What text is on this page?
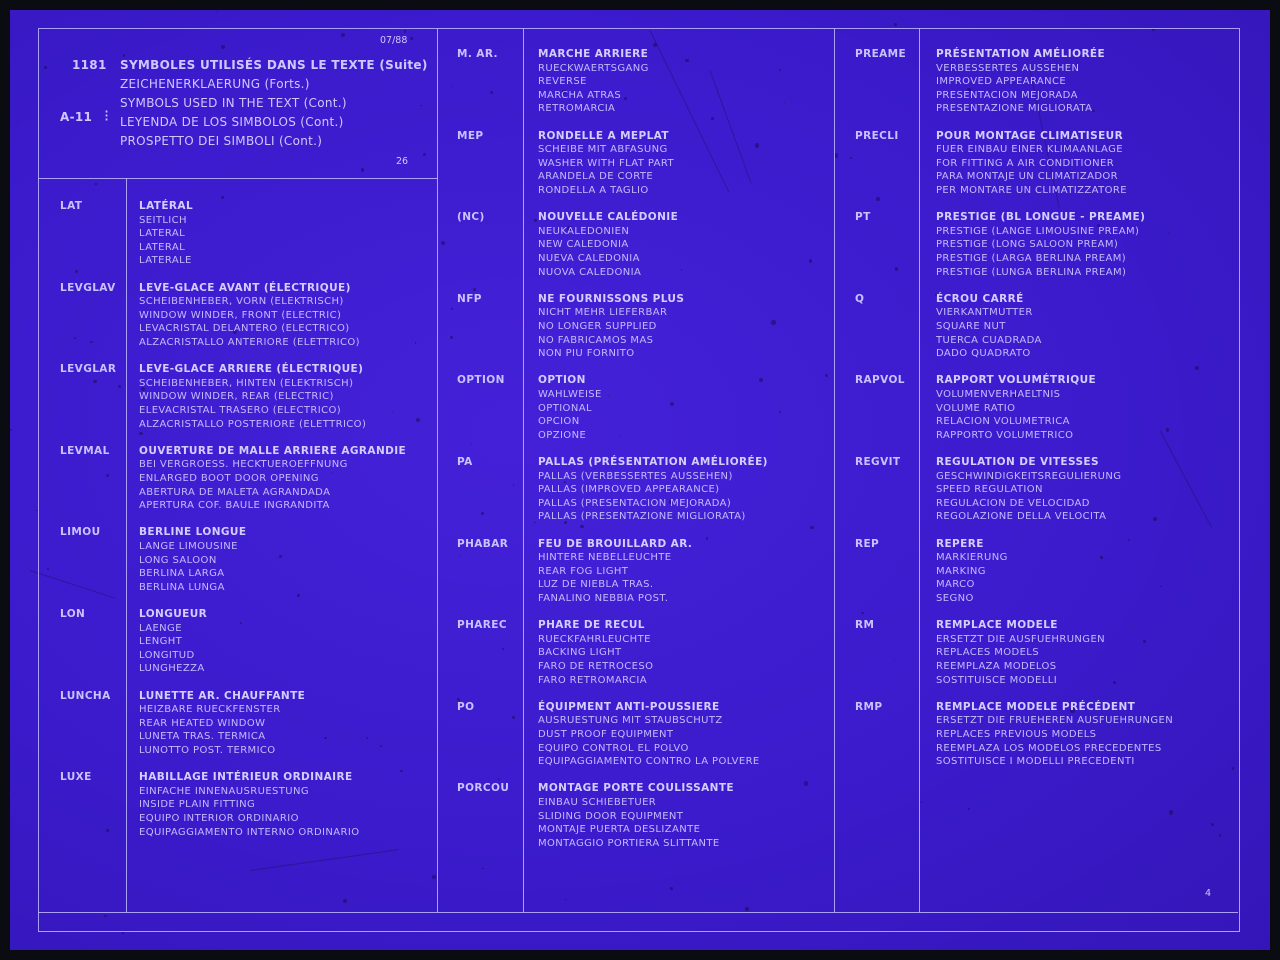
07/88
1181
A-11 ⁝
SYMBOLES UTILISÉS DANS LE TEXTE (Suite)
ZEICHENERKLAERUNG (Forts.)
SYMBOLS USED IN THE TEXT (Cont.)
LEYENDA DE LOS SIMBOLOS (Cont.)
PROSPETTO DEI SIMBOLI (Cont.)
26
LAT	LATÉRAL
SEITLICH
LATERAL
LATERAL
LATERALE
LEVGLAV LEVE-GLACE AVANT (ÉLECTRIQUE)
SCHEIBENHEBER, VORN (ELEKTRISCH)
WINDOW WINDER, FRONT (ELECTRIC)
LEVACRISTAL DELANTERO (ELECTRICO)
ALZACRISTALLO ANTERIORE (ELETTRICO)
LEVGLAR LEVE-GLACE ARRIERE (ÉLECTRIQUE)
SCHEIBENHEBER, HINTEN (ELEKTRISCH)
WINDOW WINDER, REAR (ELECTRIC)
ELEVACRISTAL TRASERO (ELECTRICO)
ALZACRISTALLO POSTERIORE (ELETTRICO)
LEVMAL	OUVERTURE DE MALLE ARRIERE AGRANDIE
BEI VERGROESS. HECKTUEROEFFNUNG
ENLARGED BOOT DOOR OPENING
ABERTURA DE MALETA AGRANDADA
APERTURA COF. BAULE INGRANDITA
LIMOU	BERLINE LONGUE
LANGE LIMOUSINE
LONG SALOON
BERLINA LARGA
BERLINA LUNGA
LON	LONGUEUR
LAENGE
LENGHT
LONGITUD
LUNGHEZZA
LUNCHA	LUNETTE AR. CHAUFFANTE
HEIZBARE RUECKFENSTER
REAR HEATED WINDOW
LUNETA TRAS. TERMICA
LUNOTTO POST. TERMICO
LUXE	HABILLAGE INTÉRIEUR ORDINAIRE
EINFACHE INNENAUSRUESTUNG
INSIDE PLAIN FITTING
EQUIPO INTERIOR ORDINARIO
EQUIPAGGIAMENTO INTERNO ORDINARIO
M. AR.	MARCHE ARRIERE
RUECKWAERTSGANG
REVERSE
MARCHA ATRAS
RETROMARCIA
MEP	RONDELLE A MEPLAT
SCHEIBE MIT ABFASUNG
WASHER WITH FLAT PART
ARANDELA DE CORTE
RONDELLA A TAGLIO
(NC)	NOUVELLE CALÉDONIE
NEUKALEDONIEN
NEW CALEDONIA
NUEVA CALEDONIA
NUOVA CALEDONIA
NFP	NE FOURNISSONS PLUS
NICHT MEHR LIEFERBAR
NO LONGER SUPPLIED
NO FABRICAMOS MAS
NON PIU FORNITO
OPTION	OPTION
WAHLWEISE
OPTIONAL
OPCION
OPZIONE
PA	PALLAS (PRÉSENTATION AMÉLIORÉE)
PALLAS (VERBESSERTES AUSSEHEN)
PALLAS (IMPROVED APPEARANCE)
PALLAS (PRESENTACION MEJORADA)
PALLAS (PRESENTAZIONE MIGLIORATA)
PHABAR	FEU DE BROUILLARD AR.
HINTERE NEBELLEUCHTE
REAR FOG LIGHT
LUZ DE NIEBLA TRAS.
FANALINO NEBBIA POST.
PHAREC	PHARE DE RECUL
RUECKFAHRLEUCHTE
BACKING LIGHT
FARO DE RETROCESO
FARO RETROMARCIA
PO	ÉQUIPMENT ANTI-POUSSIERE
AUSRUESTUNG MIT STAUBSCHUTZ
DUST PROOF EQUIPMENT
EQUIPO CONTROL EL POLVO
EQUIPAGGIAMENTO CONTRO LA POLVERE
PORCOU	MONTAGE PORTE COULISSANTE
EINBAU SCHIEBETUER
SLIDING DOOR EQUIPMENT
MONTAJE PUERTA DESLIZANTE
MONTAGGIO PORTIERA SLITTANTE
PREAME	PRÉSENTATION AMÉLIORÉE
VERBESSERTES AUSSEHEN
IMPROVED APPEARANCE
PRESENTACION MEJORADA
PRESENTAZIONE MIGLIORATA
PRECLI	POUR MONTAGE CLIMATISEUR
FUER EINBAU EINER KLIMAANLAGE
FOR FITTING A AIR CONDITIONER
PARA MONTAJE UN CLIMATIZADOR
PER MONTARE UN CLIMATIZZATORE
PT	PRESTIGE (BL LONGUE - PREAME)
PRESTIGE (LANGE LIMOUSINE PREAM)
PRESTIGE (LONG SALOON PREAM)
PRESTIGE (LARGA BERLINA PREAM)
PRESTIGE (LUNGA BERLINA PREAM)
Q	ÉCROU CARRÉ
VIERKANTMUTTER
SQUARE NUT
TUERCA CUADRADA
DADO QUADRATO
RAPVOL	RAPPORT VOLUMÉTRIQUE
VOLUMENVERHAELTNIS
VOLUME RATIO
RELACION VOLUMETRICA
RAPPORTO VOLUMETRICO
REGVIT	REGULATION DE VITESSES
GESCHWINDIGKEITSREGULIERUNG
SPEED REGULATION
REGULACION DE VELOCIDAD
REGOLAZIONE DELLA VELOCITA
REP	REPERE
MARKIERUNG
MARKING
MARCO
SEGNO
RM	REMPLACE MODELE
ERSETZT DIE AUSFUEHRUNGEN
REPLACES MODELS
REEMPLAZA MODELOS
SOSTITUISCE MODELLI
RMP	REMPLACE MODELE PRÉCÉDENT
ERSETZT DIE FRUEHEREN AUSFUEHRUNGEN
REPLACES PREVIOUS MODELS
REEMPLAZA LOS MODELOS PRECEDENTES
SOSTITUISCE I MODELLI PRECEDENTI
4
